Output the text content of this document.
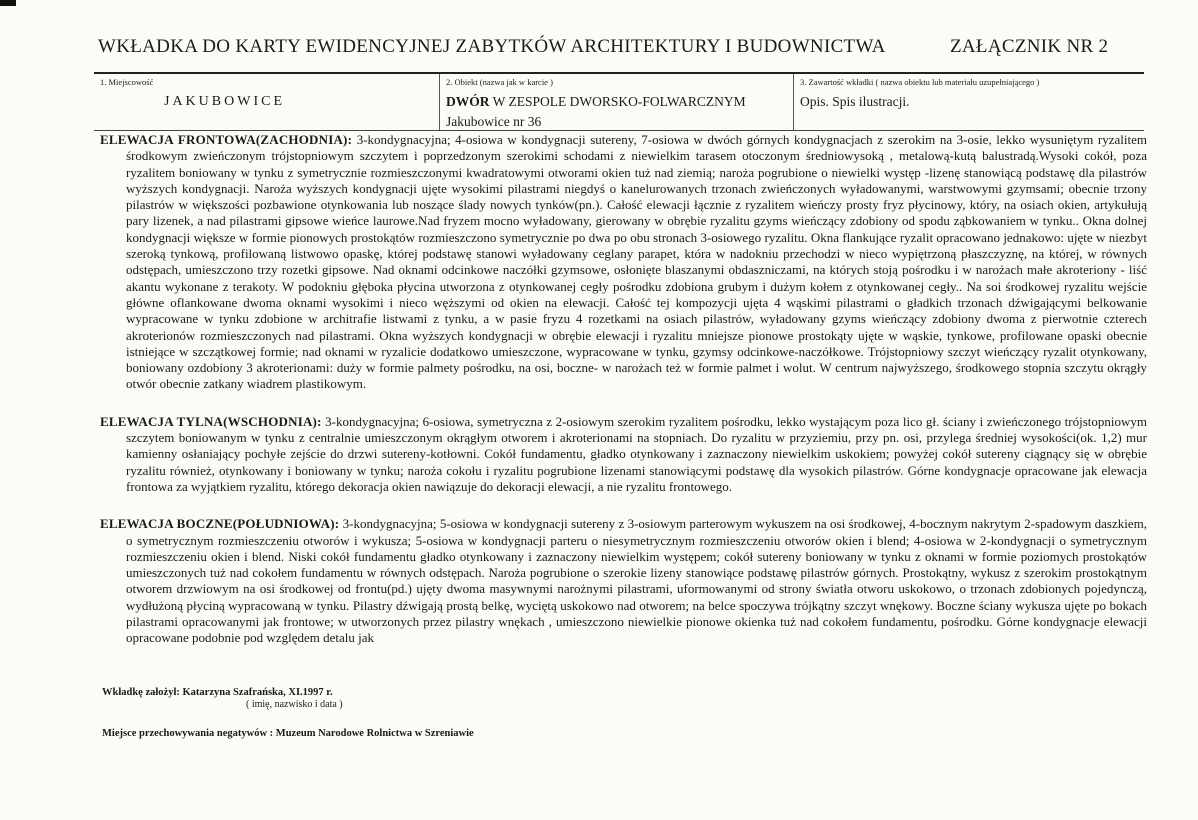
WKŁADKA DO KARTY EWIDENCYJNEJ ZABYTKÓW ARCHITEKTURY I BUDOWNICTWA	ZAŁĄCZNIK NR 2
1. Miejscowość
JAKUBOWICE
2. Obiekt (nazwa jak w karcie )
DWÓR W ZESPOLE DWORSKO-FOLWARCZNYM
Jakubowice nr 36
3. Zawartość wkładki ( nazwa obiektu lub materiału uzupełniającego )
Opis. Spis ilustracji.

ELEWACJA FRONTOWA(ZACHODNIA): 3-kondygnacyjna; 4-osiowa w kondygnacji sutereny, 7-osiowa w dwóch górnych kondygnacjach z szerokim na 3-osie, lekko wysuniętym ryzalitem środkowym zwieńczonym trójstopniowym szczytem i poprzedzonym szerokimi schodami z niewielkim tarasem otoczonym średniowysoką , metalową-kutą balustradą.Wysoki cokół, poza ryzalitem boniowany w tynku z symetrycznie rozmieszczonymi kwadratowymi otworami okien tuż nad ziemią; naroża pogrubione o niewielki występ -lizenę stanowiącą podstawę dla pilastrów wyższych kondygnacji. Naroża wyższych kondygnacji ujęte wysokimi pilastrami niegdyś o kanelurowanych trzonach zwieńczonych wyładowanymi, warstwowymi gzymsami; obecnie trzony pilastrów w większości pozbawione otynkowania lub noszące ślady nowych tynków(pn.). Całość elewacji łącznie z ryzalitem wieńczy prosty fryz płycinowy, który, na osiach okien, artykułują pary lizenek, a nad pilastrami gipsowe wieńce laurowe.Nad fryzem mocno wyładowany, gierowany w obrębie ryzalitu gzyms wieńczący zdobiony od spodu ząbkowaniem w tynku.. Okna dolnej kondygnacji większe w formie pionowych prostokątów rozmieszczono symetrycznie po dwa po obu stronach 3-osiowego ryzalitu. Okna flankujące ryzalit opracowano jednakowo: ujęte w niezbyt szeroką tynkową, profilowaną listwowo opaskę, której podstawę stanowi wyładowany ceglany parapet, która w nadokniu przechodzi w nieco wypiętrzoną płaszczyznę, na której, w równych odstępach, umieszczono trzy rozetki gipsowe. Nad oknami odcinkowe naczółki gzymsowe, osłonięte blaszanymi obdaszniczami, na których stoją pośrodku i w narożach małe akroteriony - liść akantu wykonane z terakoty. W podokniu głęboka płycina utworzona z otynkowanej cegły pośrodku zdobiona grubym i dużym kołem z otynkowanej cegły.. Na soi środkowej ryzalitu wejście główne oflankowane dwoma oknami wysokimi i nieco węższymi od okien na elewacji. Całość tej kompozycji ujęta 4 wąskimi pilastrami o gładkich trzonach dźwigającymi belkowanie wypracowane w tynku zdobione w architrafie listwami z tynku, a w pasie fryzu 4 rozetkami na osiach pilastrów, wyładowany gzyms wieńczący zdobiony dwoma z pierwotnie czterech akroterionów rozmieszczonych nad pilastrami. Okna wyższych kondygnacji w obrębie elewacji i ryzalitu mniejsze pionowe prostokąty ujęte w wąskie, tynkowe, profilowane opaski obecnie istniejące w szczątkowej formie; nad oknami w ryzalicie dodatkowo umieszczone, wypracowane w tynku, gzymsy odcinkowe-naczółkowe. Trójstopniowy szczyt wieńczący ryzalit otynkowany, boniowany ozdobiony 3 akroterionami: duży w formie palmety pośrodku, na osi, boczne- w narożach też w formie palmet i wolut. W centrum najwyższego, środkowego stopnia szczytu okrągły otwór obecnie zatkany wiadrem plastikowym.

ELEWACJA TYLNA(WSCHODNIA): 3-kondygnacyjna; 6-osiowa, symetryczna z 2-osiowym szerokim ryzalitem pośrodku, lekko wystającym poza lico gł. ściany i zwieńczonego trójstopniowym szczytem boniowanym w tynku z centralnie umieszczonym okrągłym otworem i akroterionami na stopniach. Do ryzalitu w przyziemiu, przy pn. osi, przylega średniej wysokości(ok. 1,2) mur kamienny osłaniający pochyłe zejście do drzwi sutereny-kotłowni. Cokół fundamentu, gładko otynkowany i zaznaczony niewielkim uskokiem; powyżej cokół sutereny ciągnący się w obrębie ryzalitu również, otynkowany i boniowany w tynku; naroża cokołu i ryzalitu pogrubione lizenami stanowiącymi podstawę dla wysokich pilastrów. Górne kondygnacje opracowane jak elewacja frontowa za wyjątkiem ryzalitu, którego dekoracja okien nawiązuje do dekoracji elewacji, a nie ryzalitu frontowego.

ELEWACJA BOCZNE(POŁUDNIOWA): 3-kondygnacyjna; 5-osiowa w kondygnacji sutereny z 3-osiowym parterowym wykuszem na osi środkowej, 4-bocznym nakrytym 2-spadowym daszkiem, o symetrycznym rozmieszczeniu otworów i wykusza; 5-osiowa w kondygnacji parteru o niesymetrycznym rozmieszczeniu otworów okien i blend; 4-osiowa w 2-kondygnacji o symetrycznym rozmieszczeniu okien i blend. Niski cokół fundamentu gładko otynkowany i zaznaczony niewielkim występem; cokół sutereny boniowany w tynku z oknami w formie poziomych prostokątów umieszczonych tuż nad cokołem fundamentu w równych odstępach. Naroża pogrubione o szerokie lizeny stanowiące podstawę pilastrów górnych. Prostokątny, wykusz z szerokim prostokątnym otworem drzwiowym na osi środkowej od frontu(pd.) ujęty dwoma masywnymi narożnymi pilastrami, uformowanymi od strony światła otworu uskokowo, o trzonach zdobionych pojedynczą, wydłużoną płyciną wypracowaną w tynku. Pilastry dźwigają prostą belkę, wyciętą uskokowo nad otworem; na belce spoczywa trójkątny szczyt wnękowy. Boczne ściany wykusza ujęte po bokach pilastrami opracowanymi jak frontowe; w utworzonych przez pilastry wnękach , umieszczono niewielkie pionowe okienka tuż nad cokołem fundamentu, pośrodku. Górne kondygnacje elewacji opracowane podobnie pod względem detalu jak

Wkładkę założył: Katarzyna Szafrańska, XI.1997 r.
( imię, nazwisko i data )
Miejsce przechowywania negatywów : Muzeum Narodowe Rolnictwa w Szreniawie
